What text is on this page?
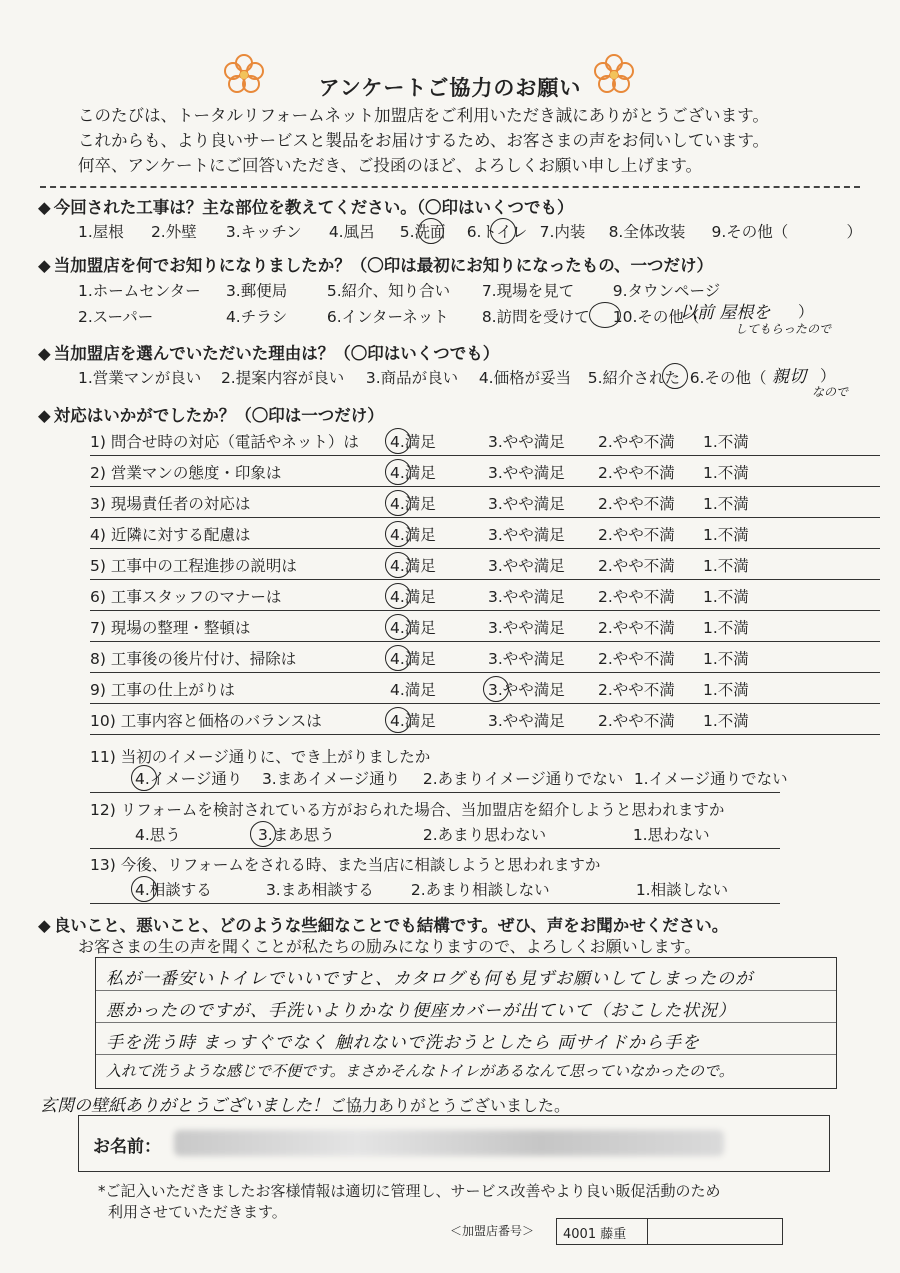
アンケートご協力のお願い
このたびは、トータルリフォームネット加盟店をご利用いただき誠にありがとうございます。
これからも、より良いサービスと製品をお届けするため、お客さまの声をお伺いしています。
何卒、アンケートにご回答いただき、ご投函のほど、よろしくお願い申し上げます。
◆ 今回された工事は？主な部位を教えてください。（〇印はいくつでも）
1.屋根 2.外壁 3.キッチン 4.風呂 5.洗面 6.トイレ 7.内装 8.全体改装 9.その他（	）
◆ 当加盟店を何でお知りになりましたか？（〇印は最初にお知りになったもの、一つだけ）
1.ホームセンター 3.郵便局	5.紹介、知り合い 7.現場を見て 9.タウンページ
2.スーパー	4.チラシ	6.インターネット 8.訪問を受けて 10.その他（
以前 屋根を ）
してもらったので
◆ 当加盟店を選んでいただいた理由は？（〇印はいくつでも）
1.営業マンが良い 2.提案内容が良い 3.商品が良い 4.価格が妥当 5.紹介された 6.その他（ 親切 ）
なので
◆ 対応はいかがでしたか？（〇印は一つだけ）
1) 問合せ時の対応（電話やネット）は 4.満足	3.やや満足 2.やや不満 1.不満
2) 営業マンの態度・印象は	4.満足	3.やや満足 2.やや不満 1.不満
3) 現場責任者の対応は	4.満足	3.やや満足 2.やや不満 1.不満
4) 近隣に対する配慮は	4.満足	3.やや満足 2.やや不満 1.不満
5) 工事中の工程進捗の説明は	4.満足	3.やや満足 2.やや不満 1.不満
6) 工事スタッフのマナーは	4.満足	3.やや満足 2.やや不満 1.不満
7) 現場の整理・整頓は	4.満足	3.やや満足 2.やや不満 1.不満
8) 工事後の後片付け、掃除は	4.満足	3.やや満足 2.やや不満 1.不満
9) 工事の仕上がりは	4.満足	3.やや満足 2.やや不満 1.不満
10) 工事内容と価格のバランスは	4.満足	3.やや満足 2.やや不満 1.不満
11) 当初のイメージ通りに、でき上がりましたか
4.イメージ通り 3.まあイメージ通り 2.あまりイメージ通りでない 1.イメージ通りでない
12) リフォームを検討されている方がおられた場合、当加盟店を紹介しようと思われますか
4.思う	3.まあ思う	2.あまり思わない	1.思わない
13) 今後、リフォームをされる時、また当店に相談しようと思われますか
4.相談する	3.まあ相談する 2.あまり相談しない	1.相談しない
◆ 良いこと、悪いこと、どのような些細なことでも結構です。ぜひ、声をお聞かせください。
お客さまの生の声を聞くことが私たちの励みになりますので、よろしくお願いします。
私が一番安いトイレでいいですと、カタログも何も見ずお願いしてしまったのが
悪かったのですが、手洗いよりかなり便座カバーが出ていて（おこした状況）
手を洗う時 まっすぐでなく 触れないで洗おうとしたら 両サイドから手を
入れて洗うような感じで不便です。まさかそんなトイレがあるなんて思っていなかったので。
玄関の壁紙ありがとうございました！ ご協力ありがとうございました。
お名前：
*ご記入いただきましたお客様情報は適切に管理し、サービス改善やより良い販促活動のため
利用させていただきます。
＜加盟店番号＞ 4001 藤重
